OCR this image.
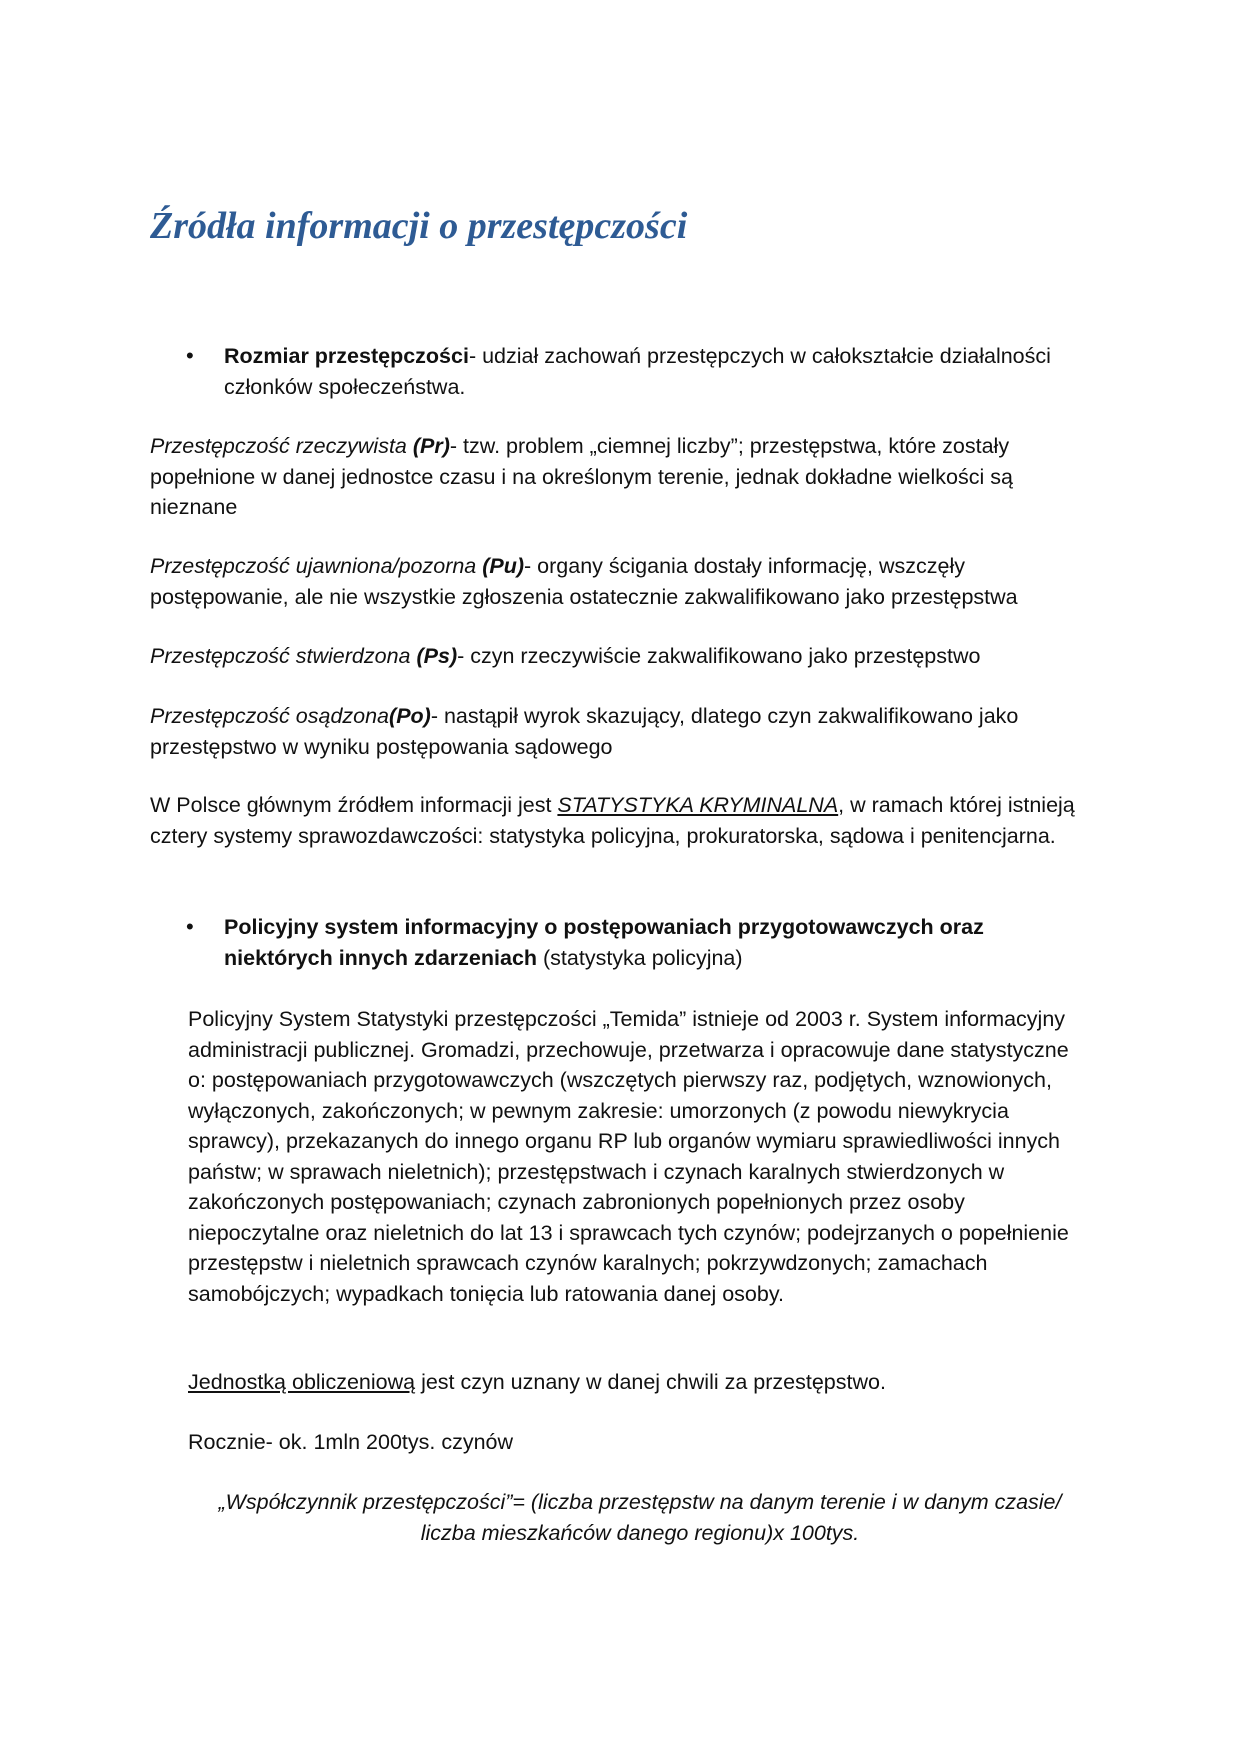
Źródła informacji o przestępczości
•	Rozmiar przestępczości- udział zachowań przestępczych w całokształcie działalności członków społeczeństwa.

Przestępczość rzeczywista (Pr)- tzw. problem „ciemnej liczby”; przestępstwa, które zostały popełnione w danej jednostce czasu i na określonym terenie, jednak dokładne wielkości są nieznane

Przestępczość ujawniona/pozorna (Pu)- organy ścigania dostały informację, wszczęły postępowanie, ale nie wszystkie zgłoszenia ostatecznie zakwalifikowano jako przestępstwa

Przestępczość stwierdzona (Ps)- czyn rzeczywiście zakwalifikowano jako przestępstwo

Przestępczość osądzona(Po)- nastąpił wyrok skazujący, dlatego czyn zakwalifikowano jako przestępstwo w wyniku postępowania sądowego

W Polsce głównym źródłem informacji jest STATYSTYKA KRYMINALNA, w ramach której istnieją cztery systemy sprawozdawczości: statystyka policyjna, prokuratorska, sądowa i penitencjarna.

•	Policyjny system informacyjny o postępowaniach przygotowawczych oraz niektórych innych zdarzeniach (statystyka policyjna)

Policyjny System Statystyki przestępczości „Temida” istnieje od 2003 r. System informacyjny administracji publicznej. Gromadzi, przechowuje, przetwarza i opracowuje dane statystyczne o: postępowaniach przygotowawczych (wszczętych pierwszy raz, podjętych, wznowionych, wyłączonych, zakończonych; w pewnym zakresie: umorzonych (z powodu niewykrycia sprawcy), przekazanych do innego organu RP lub organów wymiaru sprawiedliwości innych państw; w sprawach nieletnich); przestępstwach i czynach karalnych stwierdzonych w zakończonych postępowaniach; czynach zabronionych popełnionych przez osoby niepoczytalne oraz nieletnich do lat 13 i sprawcach tych czynów; podejrzanych o popełnienie przestępstw i nieletnich sprawcach czynów karalnych; pokrzywdzonych; zamachach samobójczych; wypadkach tonięcia lub ratowania danej osoby.

Jednostką obliczeniową jest czyn uznany w danej chwili za przestępstwo.

Rocznie- ok. 1mln 200tys. czynów

„Współczynnik przestępczości”= (liczba przestępstw na danym terenie i w danym czasie/
liczba mieszkańców danego regionu)x 100tys.
